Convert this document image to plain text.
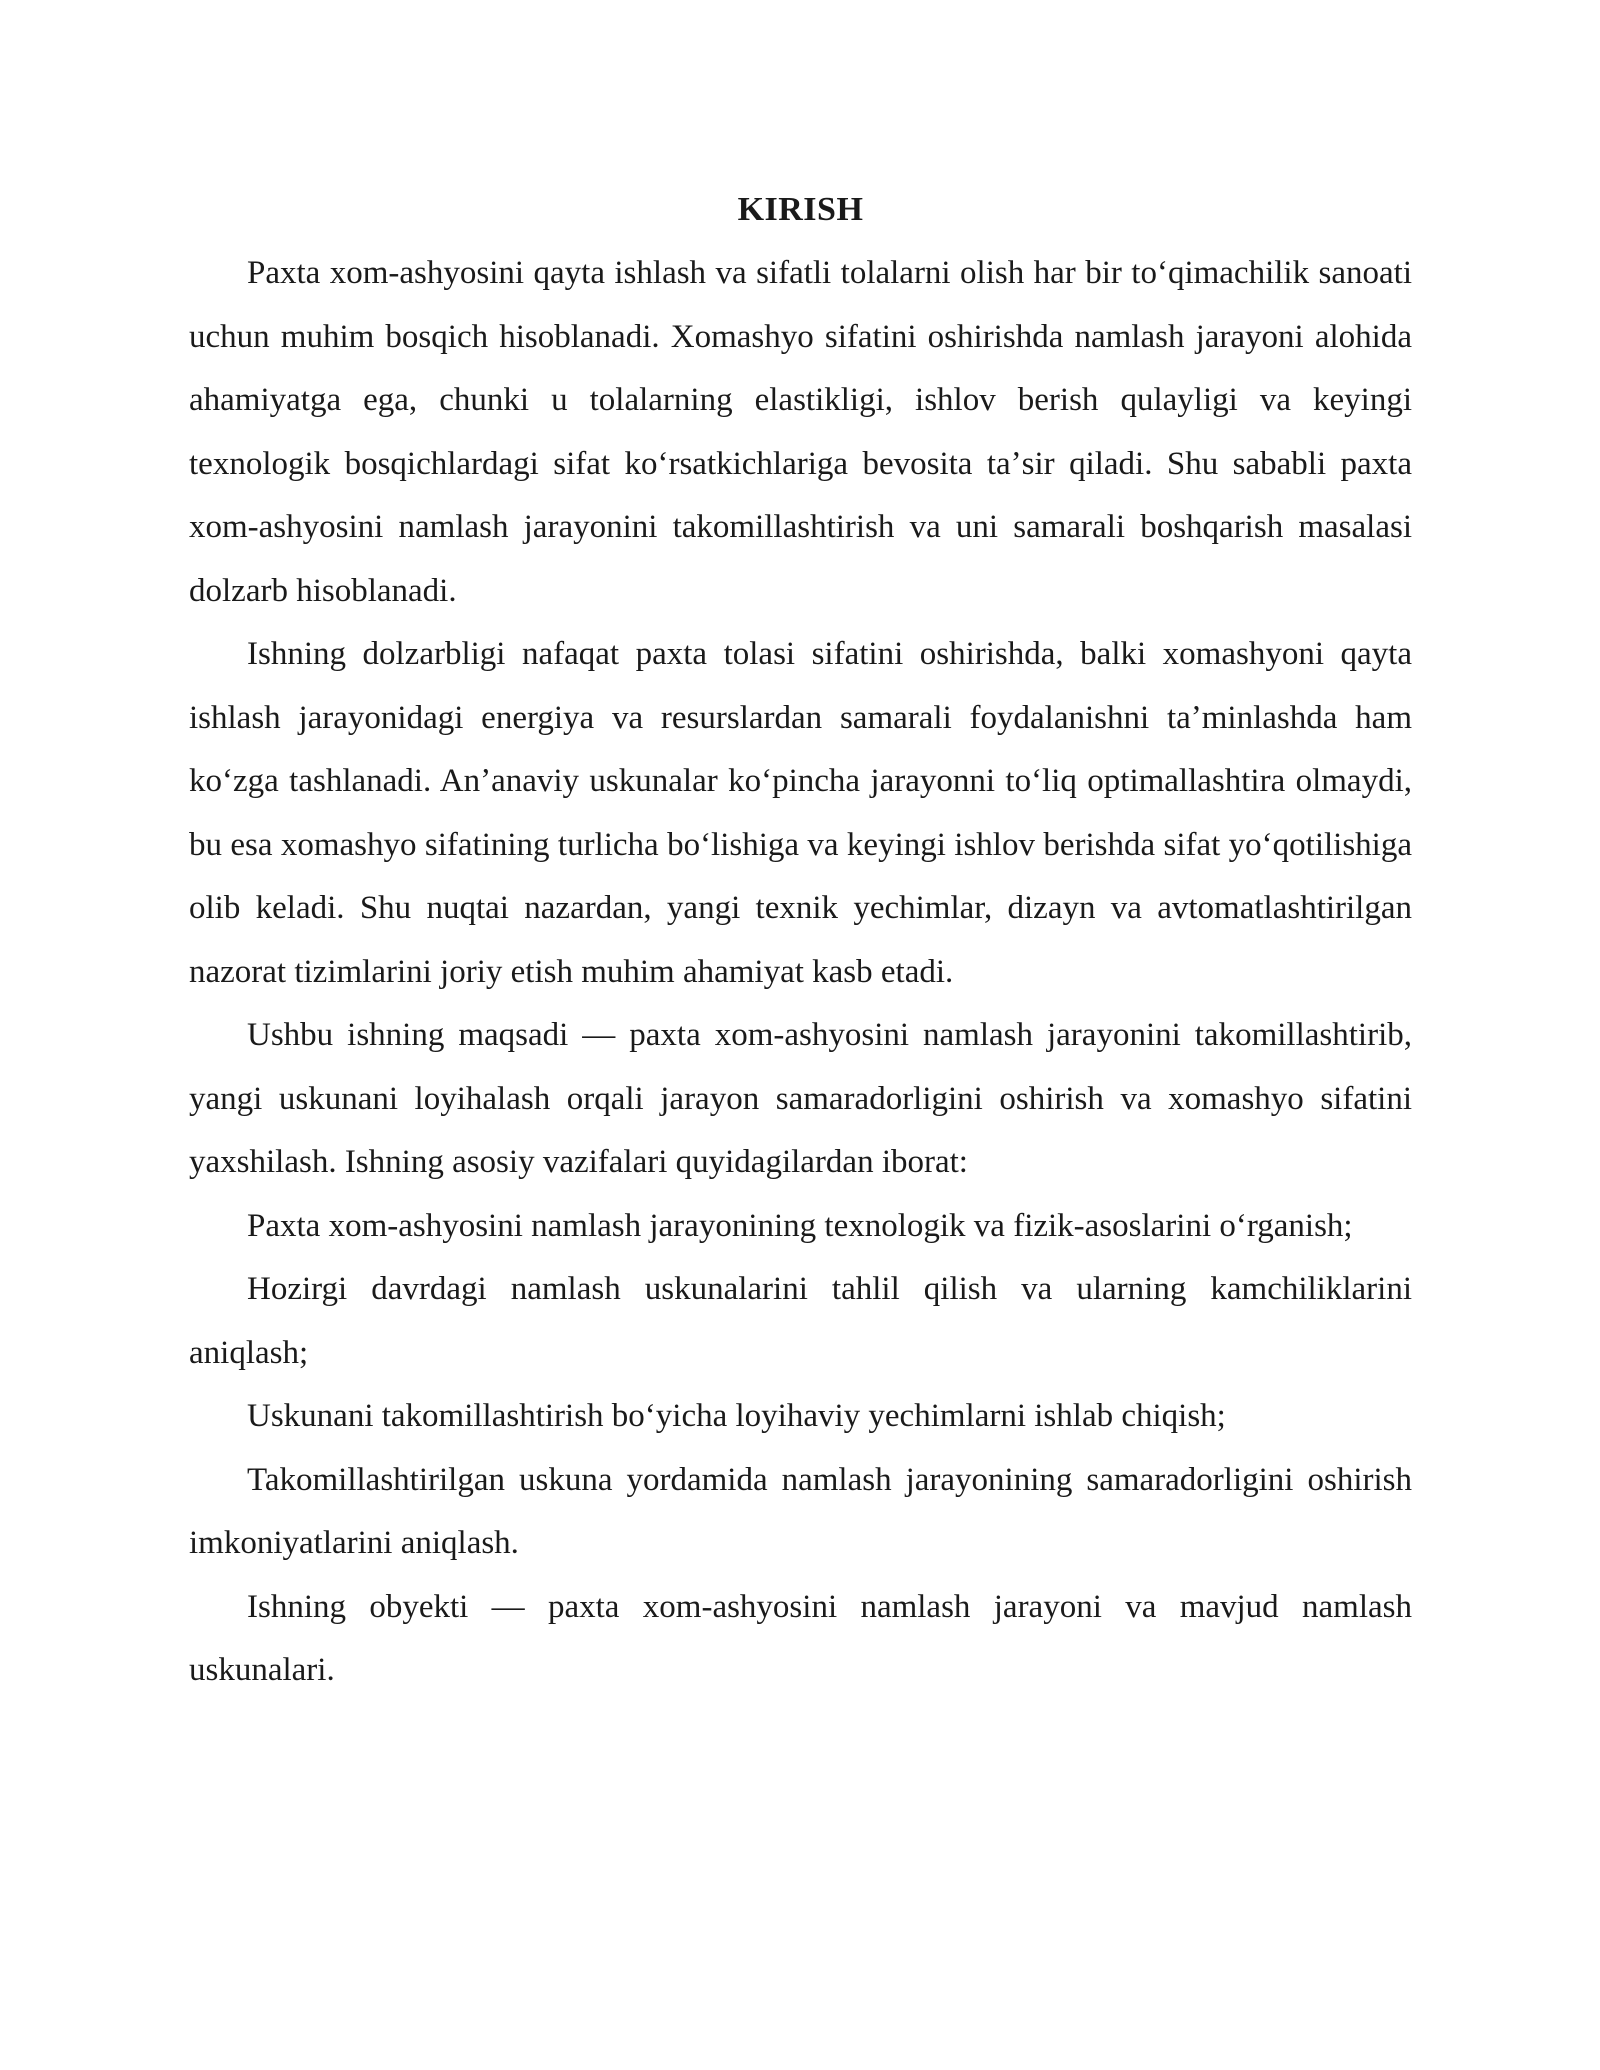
KIRISH

Paxta xom-ashyosini qayta ishlash va sifatli tolalarni olish har bir toʻqimachilik sanoati uchun muhim bosqich hisoblanadi. Xomashyo sifatini oshirishda namlash jarayoni alohida ahamiyatga ega, chunki u tolalarning elastikligi, ishlov berish qulayligi va keyingi texnologik bosqichlardagi sifat koʻrsatkichlariga bevosita taʼsir qiladi. Shu sababli paxta xom-ashyosini namlash jarayonini takomillashtirish va uni samarali boshqarish masalasi dolzarb hisoblanadi.

Ishning dolzarbligi nafaqat paxta tolasi sifatini oshirishda, balki xomashyoni qayta ishlash jarayonidagi energiya va resurslardan samarali foydalanishni taʼminlashda ham koʻzga tashlanadi. Anʼanaviy uskunalar koʻpincha jarayonni toʻliq optimallashtira olmaydi, bu esa xomashyo sifatining turlicha boʻlishiga va keyingi ishlov berishda sifat yoʻqotilishiga olib keladi. Shu nuqtai nazardan, yangi texnik yechimlar, dizayn va avtomatlashtirilgan nazorat tizimlarini joriy etish muhim ahamiyat kasb etadi.

Ushbu ishning maqsadi — paxta xom-ashyosini namlash jarayonini takomillashtirib, yangi uskunani loyihalash orqali jarayon samaradorligini oshirish va xomashyo sifatini yaxshilash. Ishning asosiy vazifalari quyidagilardan iborat:

Paxta xom-ashyosini namlash jarayonining texnologik va fizik-asoslarini oʻrganish;

Hozirgi davrdagi namlash uskunalarini tahlil qilish va ularning kamchiliklarini aniqlash;

Uskunani takomillashtirish boʻyicha loyihaviy yechimlarni ishlab chiqish;

Takomillashtirilgan uskuna yordamida namlash jarayonining samaradorligini oshirish imkoniyatlarini aniqlash.

Ishning obyekti — paxta xom-ashyosini namlash jarayoni va mavjud namlash uskunalari.
